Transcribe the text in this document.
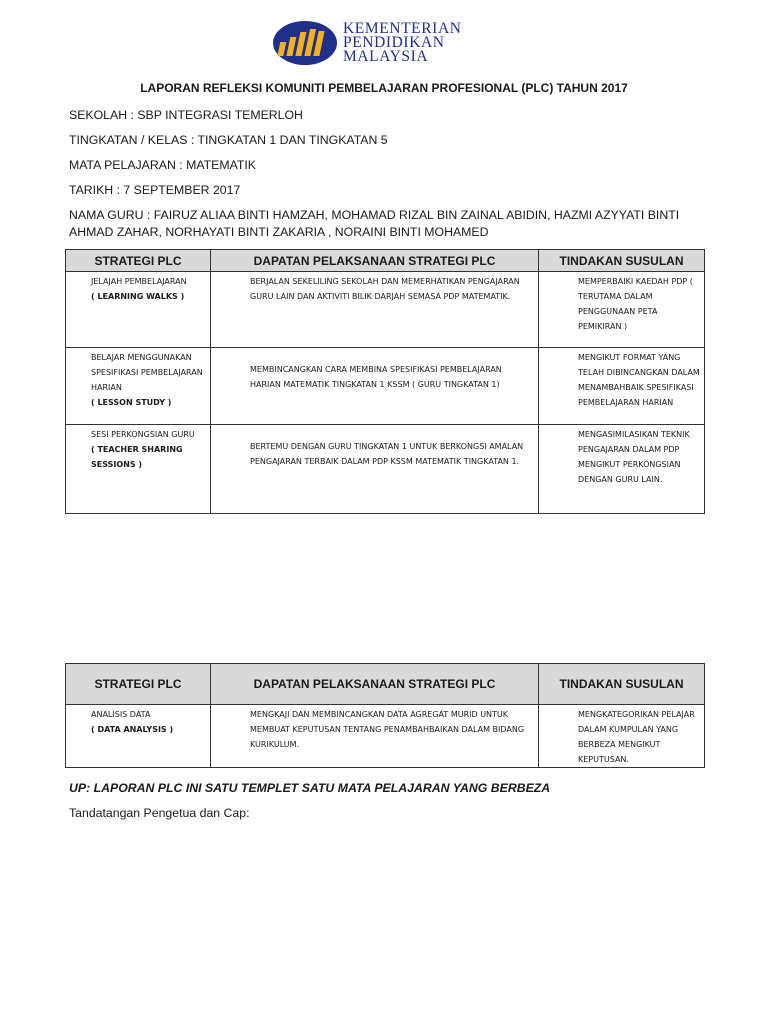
KEMENTERIAN
PENDIDIKAN
MALAYSIA
LAPORAN REFLEKSI KOMUNITI PEMBELAJARAN PROFESIONAL (PLC) TAHUN 2017
SEKOLAH : SBP INTEGRASI TEMERLOH
TINGKATAN / KELAS : TINGKATAN 1 DAN TINGKATAN 5
MATA PELAJARAN : MATEMATIK
TARIKH : 7 SEPTEMBER 2017
NAMA GURU : FAIRUZ ALIAA BINTI HAMZAH, MOHAMAD RIZAL BIN ZAINAL ABIDIN, HAZMI AZYYATI BINTI AHMAD ZAHAR, NORHAYATI BINTI ZAKARIA , NORAINI BINTI MOHAMED
STRATEGI PLC	DAPATAN PELAKSANAAN STRATEGI PLC	TINDAKAN SUSULAN

JELAJAH PEMBELAJARAN
( LEARNING WALKS )	BERJALAN SEKELILING SEKOLAH DAN MEMERHATIKAN PENGAJARAN GURU LAIN DAN AKTIVITI BILIK DARJAH SEMASA PDP MATEMATIK.	MEMPERBAIKI KAEDAH PDP ( TERUTAMA DALAM PENGGUNAAN PETA PEMIKIRAN )

BELAJAR MENGGUNAKAN SPESIFIKASI PEMBELAJARAN HARIAN
( LESSON STUDY )	MEMBINCANGKAN CARA MEMBINA SPESIFIKASI PEMBELAJARAN HARIAN MATEMATIK TINGKATAN 1 KSSM ( GURU TINGKATAN 1)	MENGIKUT FORMAT YANG TELAH DIBINCANGKAN DALAM MENAMBAHBAIK SPESIFIKASI PEMBELAJARAN HARIAN

SESI PERKONGSIAN GURU
( TEACHER SHARING SESSIONS )	BERTEMU DENGAN GURU TINGKATAN 1 UNTUK BERKONGSI AMALAN PENGAJARAN TERBAIK DALAM PDP KSSM MATEMATIK TINGKATAN 1.	MENGASIMILASIKAN TEKNIK PENGAJARAN DALAM PDP MENGIKUT PERKONGSIAN DENGAN GURU LAIN.
STRATEGI PLC	DAPATAN PELAKSANAAN STRATEGI PLC	TINDAKAN SUSULAN

ANALISIS DATA
( DATA ANALYSIS )	MENGKAJI DAN MEMBINCANGKAN DATA AGREGAT MURID UNTUK MEMBUAT KEPUTUSAN TENTANG PENAMBAHBAIKAN DALAM BIDANG KURIKULUM.	MENGKATEGORIKAN PELAJAR DALAM KUMPULAN YANG BERBEZA MENGIKUT KEPUTUSAN.
UP: LAPORAN PLC INI SATU TEMPLET SATU MATA PELAJARAN YANG BERBEZA
Tandatangan Pengetua dan Cap:
